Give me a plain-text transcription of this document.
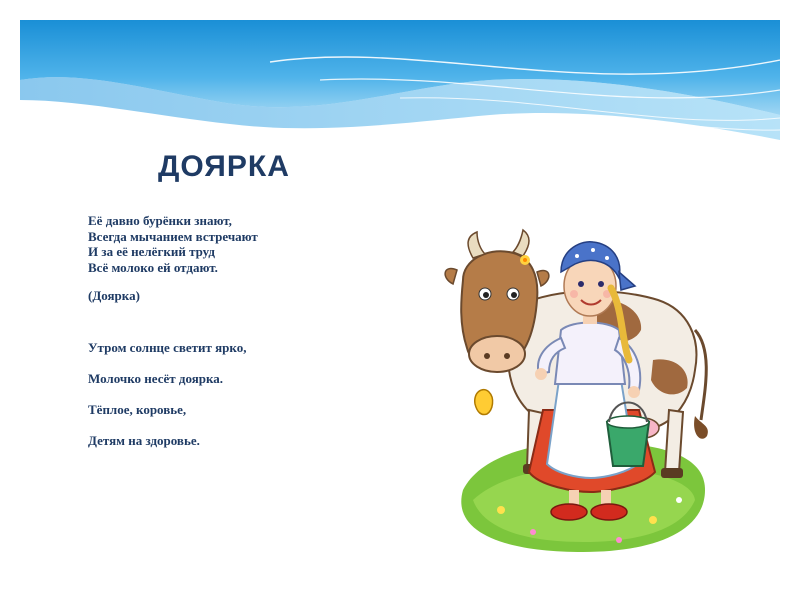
ДОЯРКА
Её давно бурёнки знают,
Всегда мычанием встречают
И за её нелёгкий труд
Всё молоко ей отдают.
(Доярка)
Утром солнце светит ярко,
Молочко несёт доярка.
Тёплое, коровье,
Детям на здоровье.
